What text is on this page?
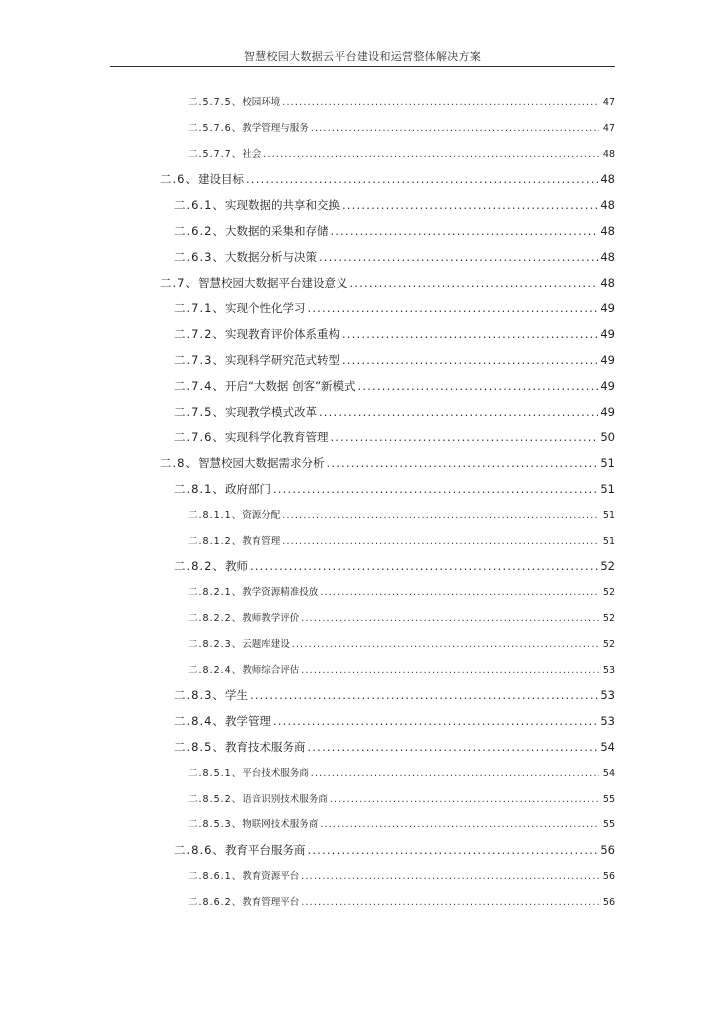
智慧校园大数据云平台建设和运营整体解决方案
二.5.7.5、 校园环境 .....	47
二.5.7.6、 教学管理与服务 .....	47
二.5.7.7、 社会 .....	48
二.6、 建设目标 .....	48
二.6.1、 实现数据的共享和交换 .....	48
二.6.2、 大数据的采集和存储 .....	48
二.6.3、 大数据分析与决策 .....	48
二.7、 智慧校园大数据平台建设意义 .....	48
二.7.1、 实现个性化学习 .....	49
二.7.2、 实现教育评价体系重构 .....	49
二.7.3、 实现科学研究范式转型 .....	49
二.7.4、 开启“大数据 创客”新模式 .....	49
二.7.5、 实现教学模式改革 .....	49
二.7.6、 实现科学化教育管理 .....	50
二.8、 智慧校园大数据需求分析 .....	51
二.8.1、 政府部门 .....	51
二.8.1.1、 资源分配 .....	51
二.8.1.2、 教育管理 .....	51
二.8.2、 教师 .....	52
二.8.2.1、 教学资源精准投放 .....	52
二.8.2.2、 教师教学评价 .....	52
二.8.2.3、 云题库建设 .....	52
二.8.2.4、 教师综合评估 .....	53
二.8.3、 学生 .....	53
二.8.4、 教学管理 .....	53
二.8.5、 教育技术服务商 .....	54
二.8.5.1、 平台技术服务商 .....	54
二.8.5.2、 语音识别技术服务商 .....	55
二.8.5.3、 物联网技术服务商 .....	55
二.8.6、 教育平台服务商 .....	56
二.8.6.1、 教育资源平台 .....	56
二.8.6.2、 教育管理平台 .....	56
